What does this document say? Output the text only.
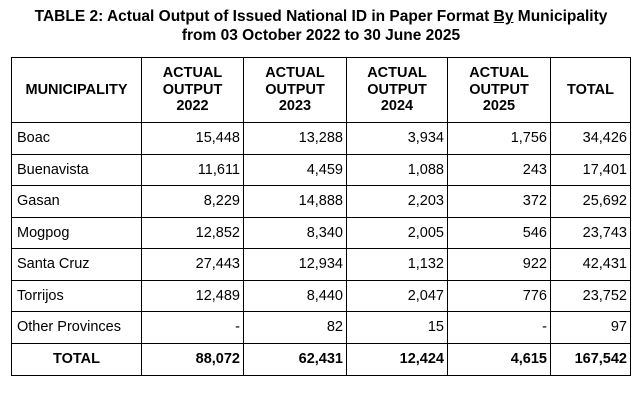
TABLE 2: Actual Output of Issued National ID in Paper Format By Municipality
from 03 October 2022 to 30 June 2025
MUNICIPALITY	ACTUAL OUTPUT 2022	ACTUAL OUTPUT 2023	ACTUAL OUTPUT 2024	ACTUAL OUTPUT 2025	TOTAL
Boac	15,448	13,288	3,934	1,756	34,426
Buenavista	11,611	4,459	1,088	243	17,401
Gasan	8,229	14,888	2,203	372	25,692
Mogpog	12,852	8,340	2,005	546	23,743
Santa Cruz	27,443	12,934	1,132	922	42,431
Torrijos	12,489	8,440	2,047	776	23,752
Other Provinces	-	82	15	-	97
TOTAL	88,072	62,431	12,424	4,615	167,542
